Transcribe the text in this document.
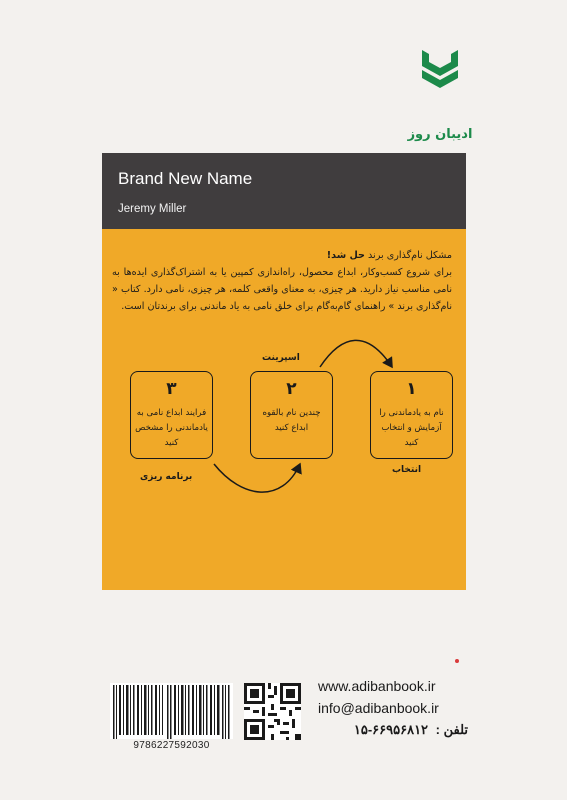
ادیبان روز
Brand New Name
Jeremy Miller
مشکل نام‌گذاری برند حل شد!
برای شروع کسب‌وکار، ابداع محصول، راه‌اندازی کمپین یا به اشتراک‌گذاری ایده‌ها به نامی مناسب نیاز دارید. هر چیزی، به معنای واقعی کلمه، هر چیزی، نامی دارد. کتاب « نام‌گذاری برند » راهنمای گام‌به‌گام برای خلق نامی به یاد ماندنی برای برندتان است.
۱
نام به یادماندنی را آزمایش و انتخاب کنید
۲
چندین نام بالقوه ابداع کنید
۳
فرایند ابداع نامی به یادماندنی را مشخص کنید
اسپرینت
انتخاب
برنامه ریزی
9786227592030
www.adibanbook.ir
info@adibanbook.ir
تلفن : ۶۶۹۵۶۸۱۲-۱۵
